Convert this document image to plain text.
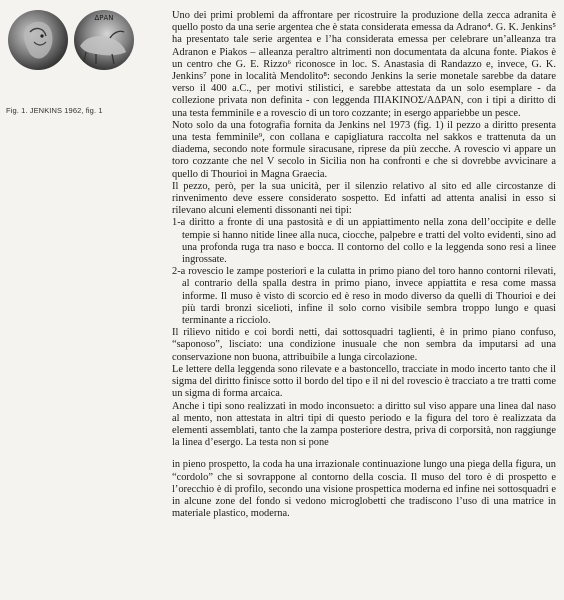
ΔΡΑΝ
Fig. 1. JENKINS 1962, fig. 1

Uno dei primi problemi da affrontare per ricostruire la produzione della zecca adranita è quello posto da una serie argentea che è stata considerata emessa da Adrano⁴. G. K. Jenkins⁵ ha presentato tale serie argentea e l’ha considerata emessa per celebrare un’alleanza tra Adranon e Piakos – alleanza peraltro altrimenti non documentata da alcuna fonte. Piakos è un centro che G. E. Rizzo⁶ riconosce in loc. S. Anastasia di Randazzo e, invece, G. K. Jenkins⁷ pone in località Mendolito⁸: secondo Jenkins la serie monetale sarebbe da datare verso il 400 a.C., per motivi stilistici, e sarebbe attestata da un solo esemplare - da collezione privata non definita - con leggenda ΠΙΑΚΙΝΟΣ/ΑΔΡΑΝ, con i tipi a diritto di una testa femminile e a rovescio di un toro cozzante; in esergo appariebbe un pesce.

Noto solo da una fotografia fornita da Jenkins nel 1973 (fig. 1) il pezzo a diritto presenta una testa femminile⁹, con collana e capigliatura raccolta nel sakkos e trattenuta da un diadema, secondo note formule siracusane, riprese da più zecche. A rovescio vi appare un toro cozzante che nel V secolo in Sicilia non ha confronti e che si dovrebbe avvicinare a quello di Thourioi in Magna Graecia.

Il pezzo, però, per la sua unicità, per il silenzio relativo al sito ed alle circostanze di rinvenimento deve essere considerato sospetto. Ed infatti ad attenta analisi in esso si rilevano alcuni elementi dissonanti nei tipi:

1-a diritto a fronte di una pastosità e di un appiattimento nella zona dell’occipite e delle tempie si hanno nitide linee alla nuca, ciocche, palpebre e tratti del volto evidenti, sino ad una profonda ruga tra naso e bocca. Il contorno del collo e la leggenda sono resi a linee ingrossate.

2-a rovescio le zampe posteriori e la culatta in primo piano del toro hanno contorni rilevati, al contrario della spalla destra in primo piano, invece appiattita e resa come massa informe. Il muso è visto di scorcio ed è reso in modo diverso da quelli di Thourioi e dei più tardi bronzi sicelioti, infine il solo corno visibile sembra troppo lungo e quasi terminante a ricciolo.

Il rilievo nitido e coi bordi netti, dai sottosquadri taglienti, è in primo piano confuso, “saponoso”, lisciato: una condizione inusuale che non sembra da imputarsi ad una conservazione non buona, attribuibile a lunga circolazione.

Le lettere della leggenda sono rilevate e a bastoncello, tracciate in modo incerto tanto che il sigma del diritto finisce sotto il bordo del tipo e il ni del rovescio è tracciato a tre tratti come un sigma di forma arcaica.

Anche i tipi sono realizzati in modo inconsueto: a diritto sul viso appare una linea dal naso al mento, non attestata in altri tipi di questo periodo e la figura del toro è realizzata da elementi assemblati, tanto che la zampa posteriore destra, priva di corporsità, non raggiunge la linea d’esergo. La testa non si pone

in pieno prospetto, la coda ha una irrazionale continuazione lungo una piega della figura, un “cordolo” che si sovrappone al contorno della coscia. Il muso del toro è di prospetto e l’orecchio è di profilo, secondo una visione prospettica moderna ed infine nei sottosquadri e in alcune zone del fondo si vedono microglobetti che tradiscono l’uso di una matrice in materiale plastico, moderna.
